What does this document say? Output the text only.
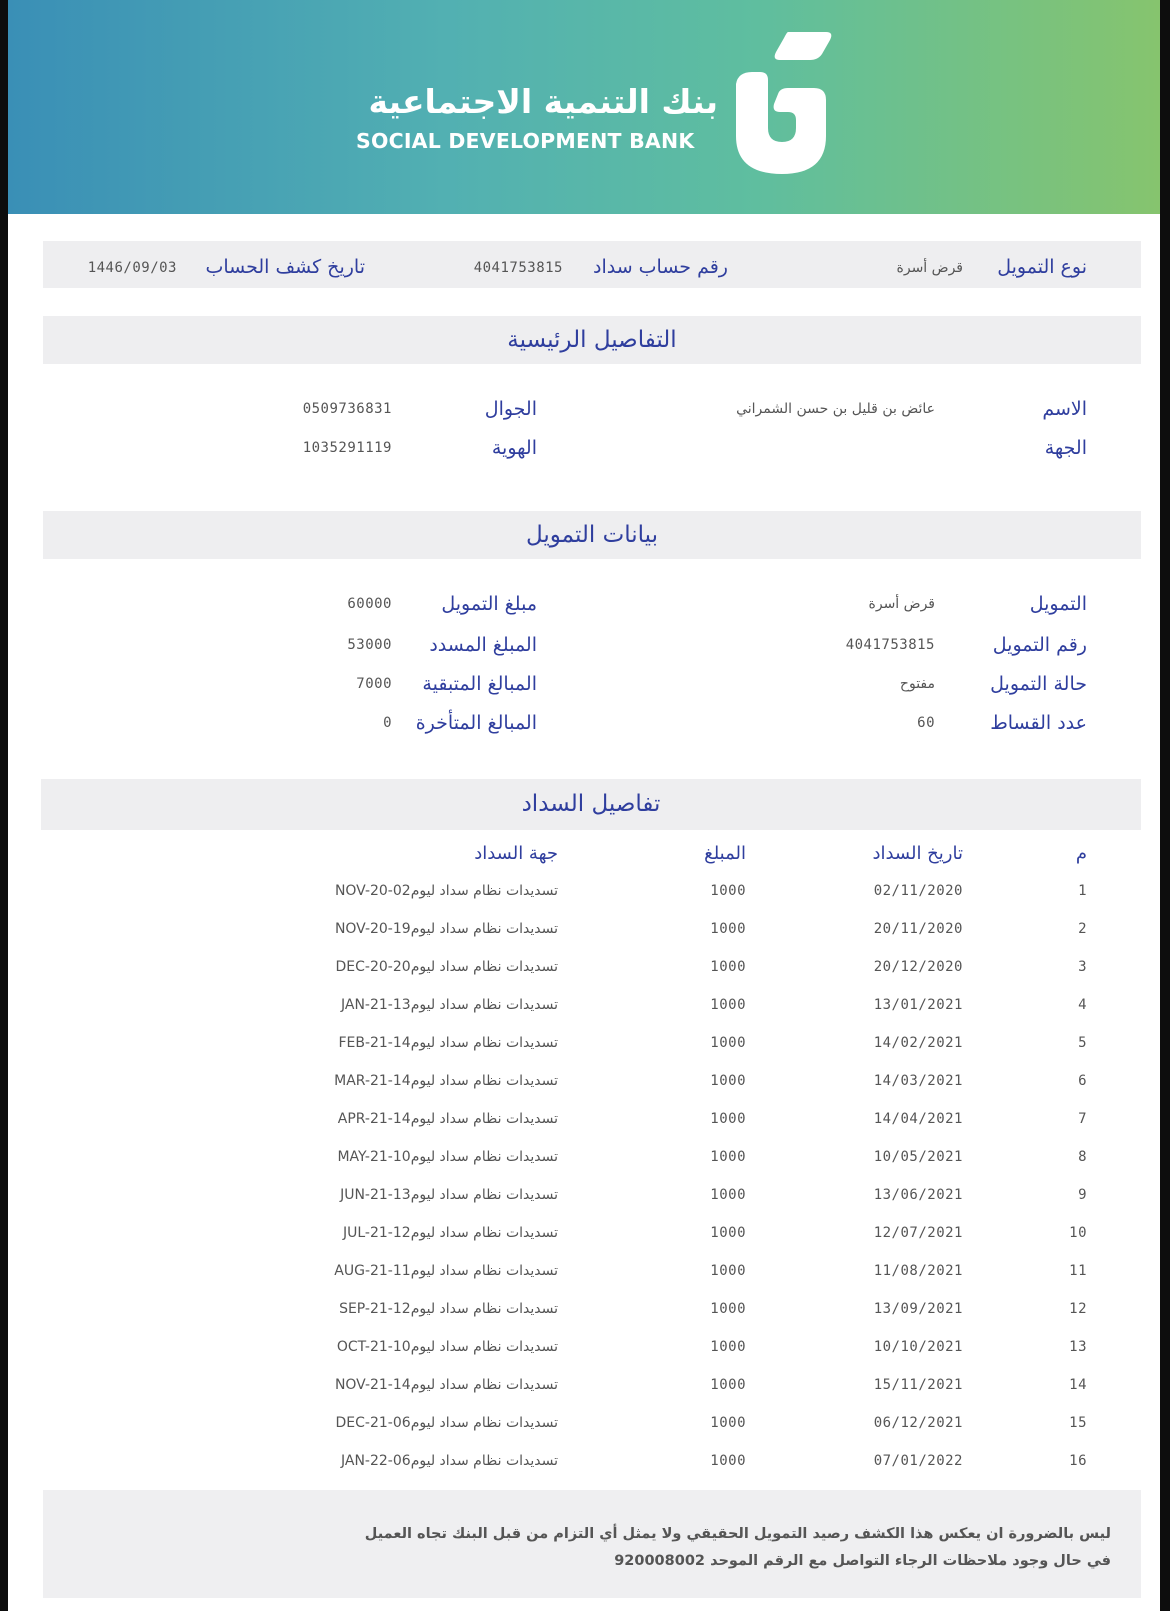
بنك التنمية الاجتماعية
SOCIAL DEVELOPMENT BANK
نوع التمويل
قرض أسرة
رقم حساب سداد
4041753815
تاريخ كشف الحساب
1446/09/03
التفاصيل الرئيسية
الاسم
عائض بن قليل بن حسن الشمراني
الجهة
الجوال
0509736831
الهوية
1035291119
بيانات التمويل
التمويل
قرض أسرة
رقم التمويل
4041753815
حالة التمويل
مفتوح
عدد القساط
60
مبلغ التمويل
60000
المبلغ المسدد
53000
المبالغ المتبقية
7000
المبالغ المتأخرة
0
تفاصيل السداد
م
تاريخ السداد
المبلغ
جهة السداد
1
02/11/2020
1000
NOV-20-تسديدات نظام سداد ليوم02
2
20/11/2020
1000
NOV-20-تسديدات نظام سداد ليوم19
3
20/12/2020
1000
DEC-20-تسديدات نظام سداد ليوم20
4
13/01/2021
1000
JAN-21-تسديدات نظام سداد ليوم13
5
14/02/2021
1000
FEB-21-تسديدات نظام سداد ليوم14
6
14/03/2021
1000
MAR-21-تسديدات نظام سداد ليوم14
7
14/04/2021
1000
APR-21-تسديدات نظام سداد ليوم14
8
10/05/2021
1000
MAY-21-تسديدات نظام سداد ليوم10
9
13/06/2021
1000
JUN-21-تسديدات نظام سداد ليوم13
10
12/07/2021
1000
JUL-21-تسديدات نظام سداد ليوم12
11
11/08/2021
1000
AUG-21-تسديدات نظام سداد ليوم11
12
13/09/2021
1000
SEP-21-تسديدات نظام سداد ليوم12
13
10/10/2021
1000
OCT-21-تسديدات نظام سداد ليوم10
14
15/11/2021
1000
NOV-21-تسديدات نظام سداد ليوم14
15
06/12/2021
1000
DEC-21-تسديدات نظام سداد ليوم06
16
07/01/2022
1000
JAN-22-تسديدات نظام سداد ليوم06

ليس بالضرورة ان يعكس هذا الكشف رصيد التمويل الحقيقي ولا يمثل أي التزام من قبل البنك تجاه العميل

في حال وجود ملاحظات الرجاء التواصل مع الرقم الموحد 920008002
